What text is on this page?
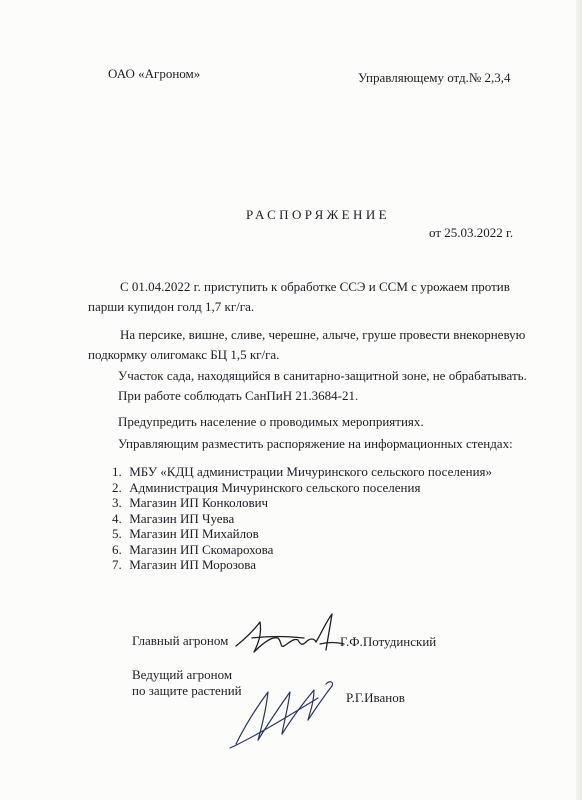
ОАО «Агроном»	Управляющему отд.№ 2,3,4

РАСПОРЯЖЕНИЕ

от 25.03.2022 г.

С 01.04.2022 г. приступить к обработке ССЭ и ССМ с урожаем против

парши купидон голд 1,7 кг/га.

На персике, вишне, сливе, черешне, алыче, груше провести внекорневую

подкормку олигомакс БЦ 1,5 кг/га.

Участок сада, находящийся в санитарно-защитной зоне, не обрабатывать.

При работе соблюдать СанПиН 21.3684-21.

Предупредить население о проводимых мероприятиях.

Управляющим разместить распоряжение на информационных стендах:

1. МБУ «КДЦ администрации Мичуринского сельского поселения»
2. Администрация Мичуринского сельского поселения
3. Магазин ИП Конколович
4. Магазин ИП Чуева
5. Магазин ИП Михайлов
6. Магазин ИП Скомарохова
7. Магазин ИП Морозова

Главный агроном	Г.Ф.Потудинский

Ведущий агроном

по защите растений	Р.Г.Иванов
